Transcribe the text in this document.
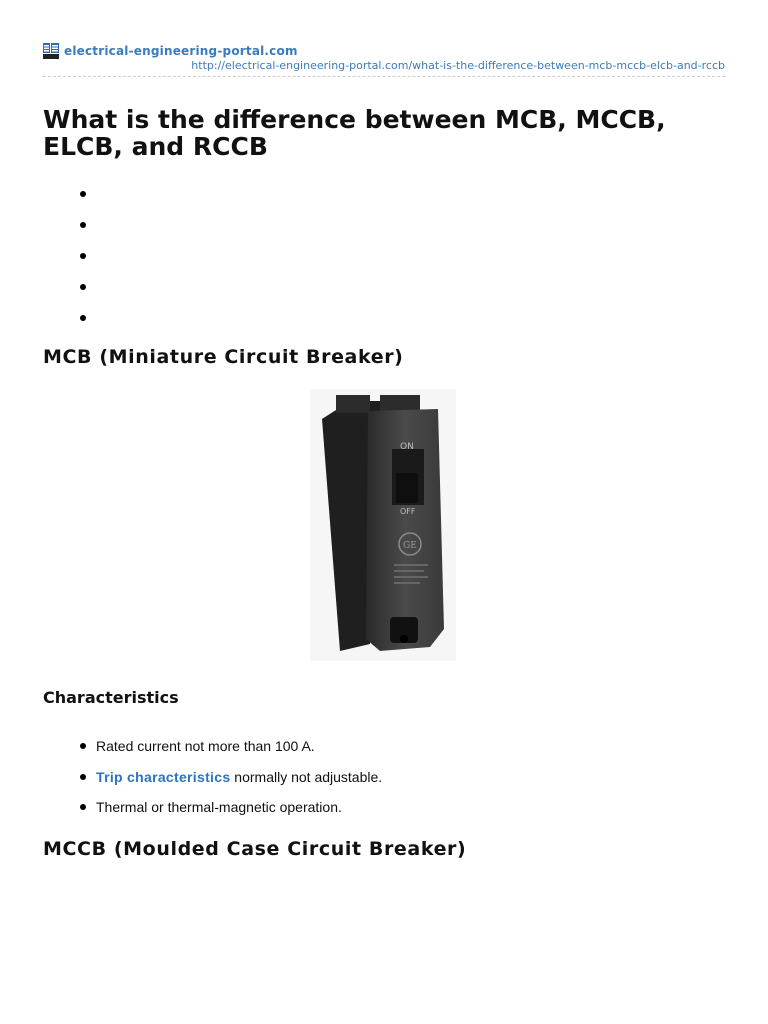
electrical-engineering-portal.com
http://electrical-engineering-portal.com/what-is-the-difference-between-mcb-mccb-elcb-and-rccb
What is the difference between MCB, MCCB, ELCB, and RCCB
MCB (Miniature Circuit Breaker)
ON
OFF
GE
Characteristics
Rated current not more than 100 A.
Trip characteristics normally not adjustable.
Thermal or thermal-magnetic operation.
MCCB (Moulded Case Circuit Breaker)
